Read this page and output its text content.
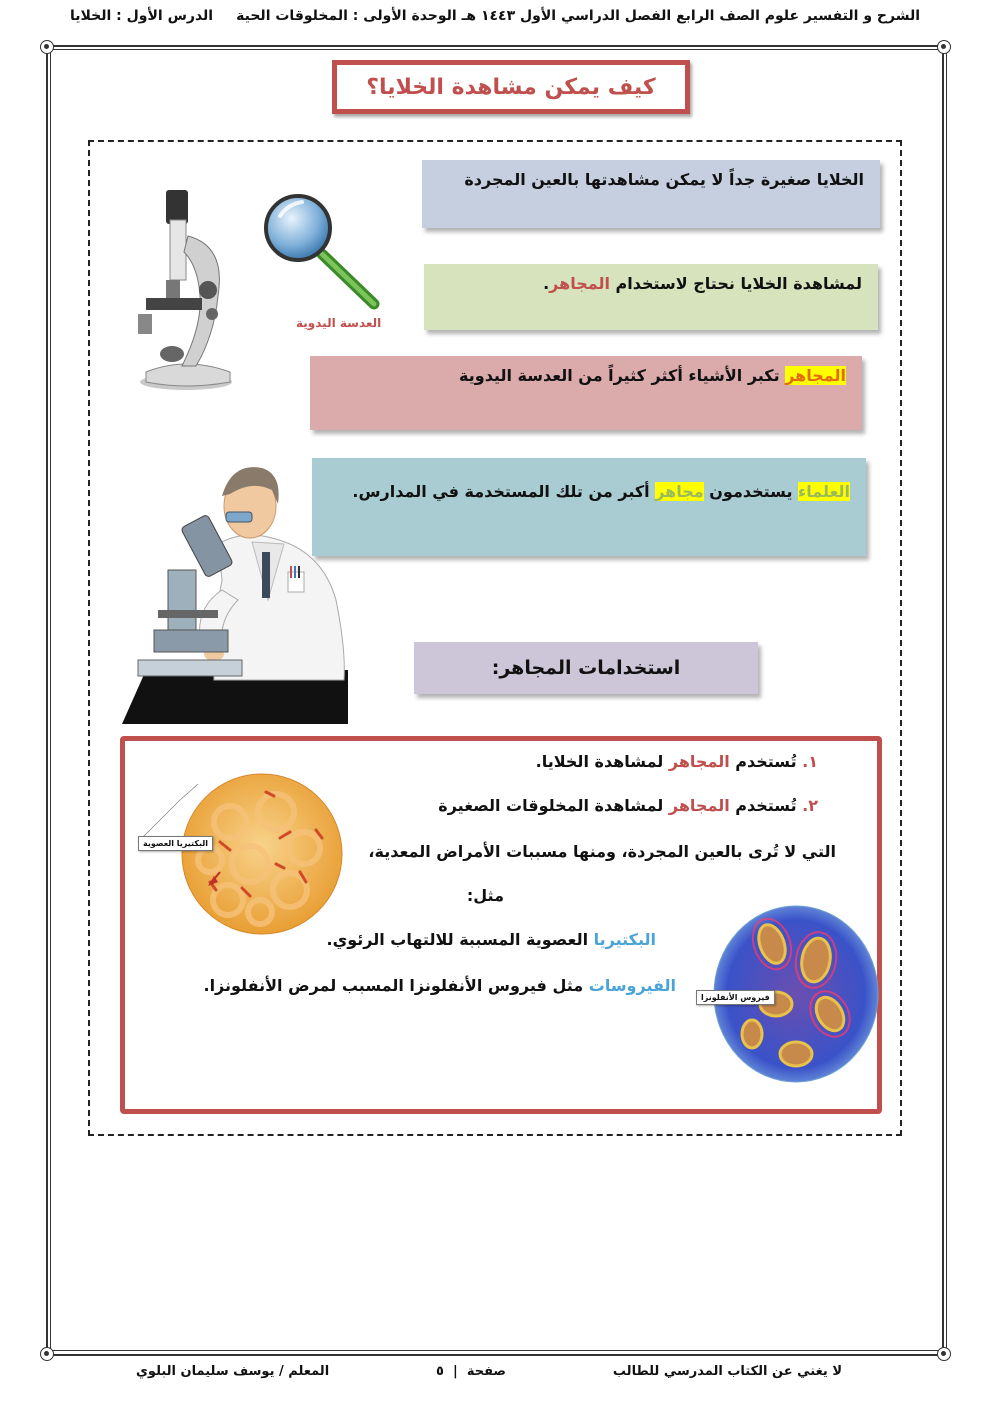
الشرح و التفسير علوم الصف الرابع الفصل الدراسي الأول ١٤٤٣ هـ الوحدة الأولى : المخلوقات الحية
الدرس الأول : الخلايا
كيف يمكن مشاهدة الخلايا؟
العدسة اليدوية
الخلايا صغيرة جداً لا يمكن مشاهدتها بالعين المجردة
لمشاهدة الخلايا نحتاج لاستخدام المجاهر.
المجاهر تكبر الأشياء أكثر كثيراً من العدسة اليدوية
العلماء يستخدمون مجاهر أكبر من تلك المستخدمة في المدارس.
استخدامات المجاهر:
١. تُستخدم المجاهر لمشاهدة الخلايا.
٢. تُستخدم المجاهر لمشاهدة المخلوقات الصغيرة
التي لا تُرى بالعين المجردة، ومنها مسببات الأمراض المعدية،
مثل:
البكتيريا العصوية المسببة للالتهاب الرئوي.
الفيروسات مثل فيروس الأنفلونزا المسبب لمرض الأنفلونزا.
البكتيريا العصوية
فيروس الأنفلونزا
لا يغني عن الكتاب المدرسي للطالب
صفحة  |  ٥
المعلم / يوسف سليمان البلوي
